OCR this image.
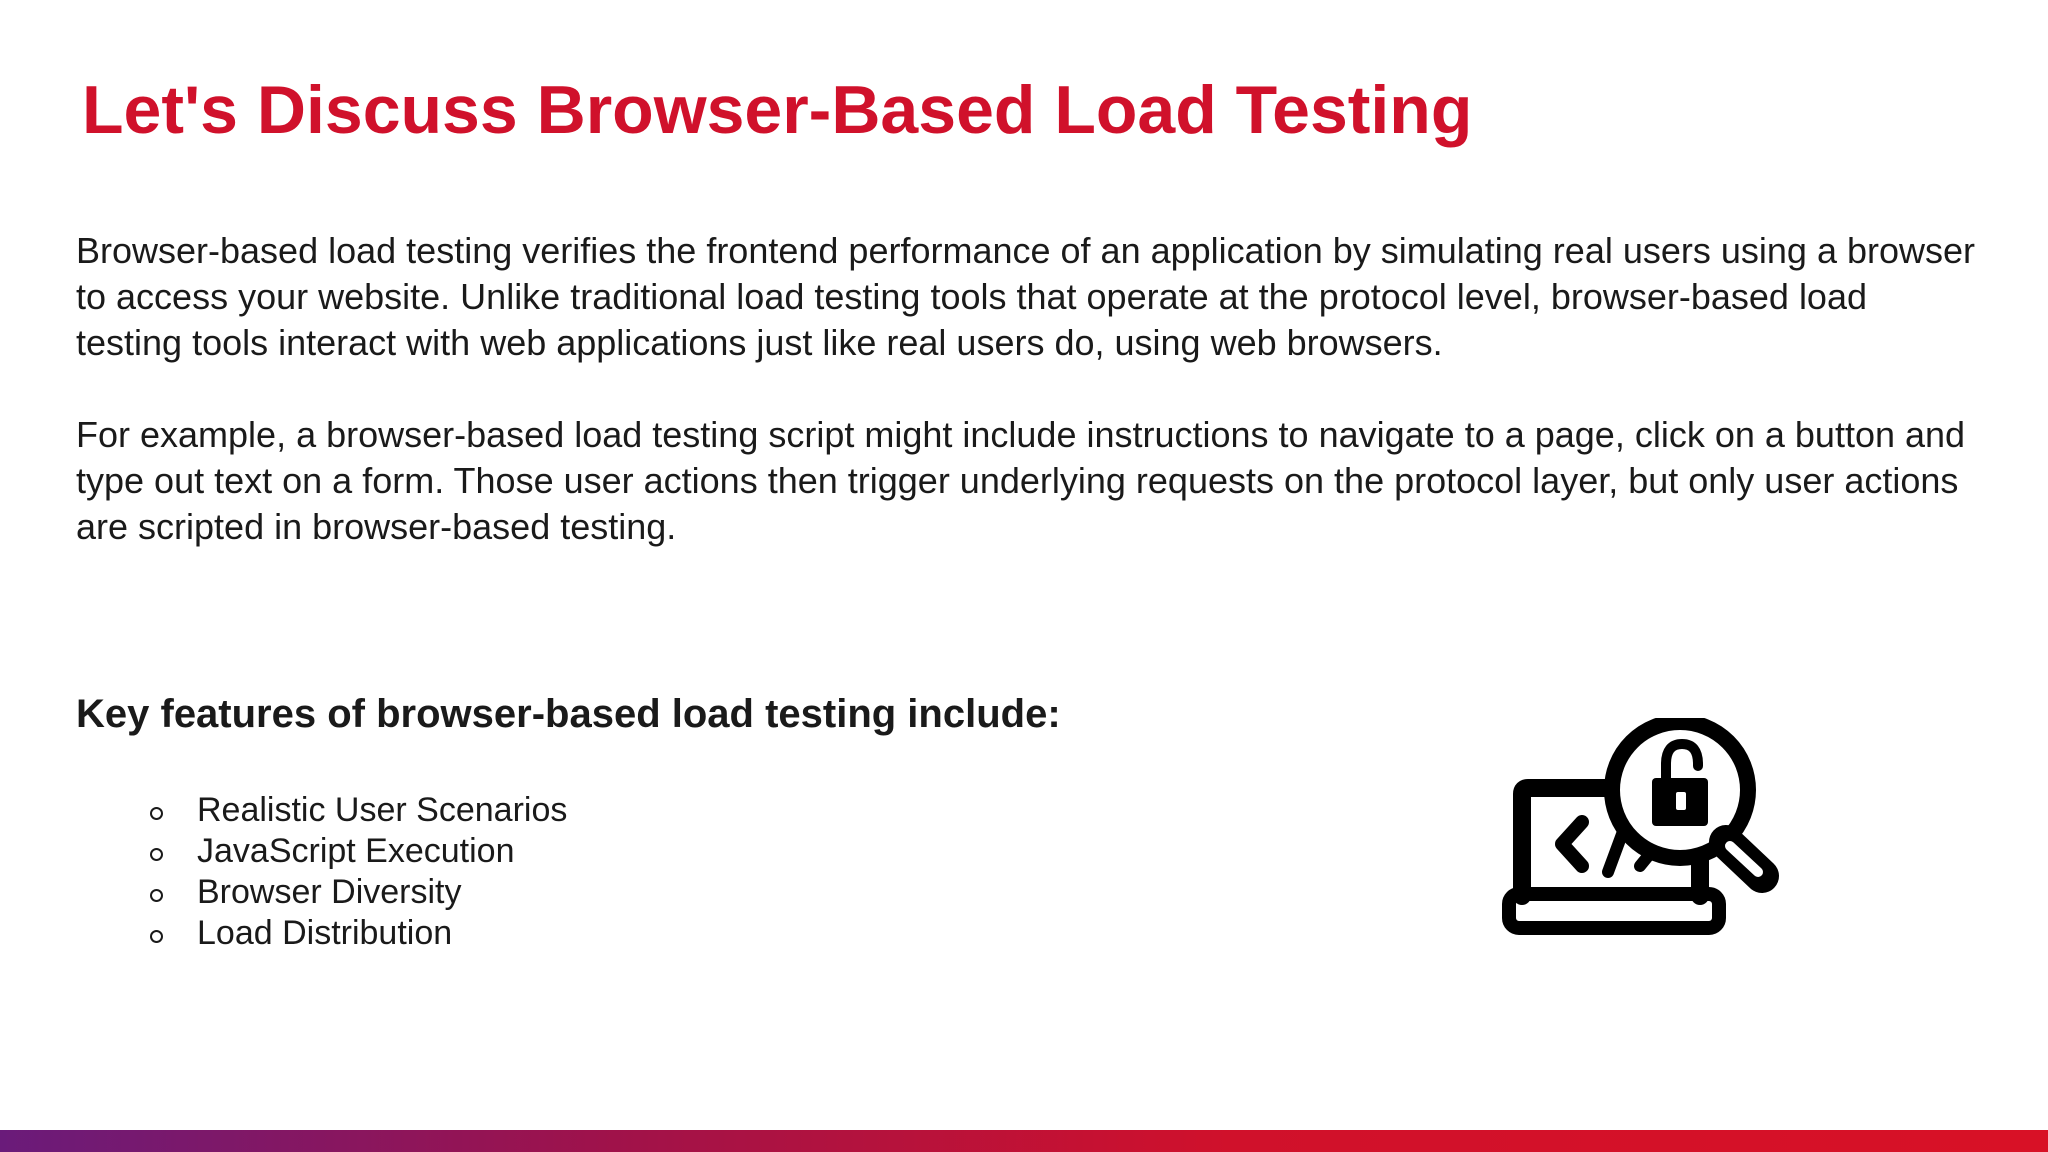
Let's Discuss Browser-Based Load Testing

Browser-based load testing verifies the frontend performance of an application by simulating real users using a browser to access your website. Unlike traditional load testing tools that operate at the protocol level, browser-based load testing tools interact with web applications just like real users do, using web browsers.

For example, a browser-based load testing script might include instructions to navigate to a page, click on a button and type out text on a form. Those user actions then trigger underlying requests on the protocol layer, but only user actions are scripted in browser-based testing.

Key features of browser-based load testing include:
Realistic User Scenarios
JavaScript Execution
Browser Diversity
Load Distribution
